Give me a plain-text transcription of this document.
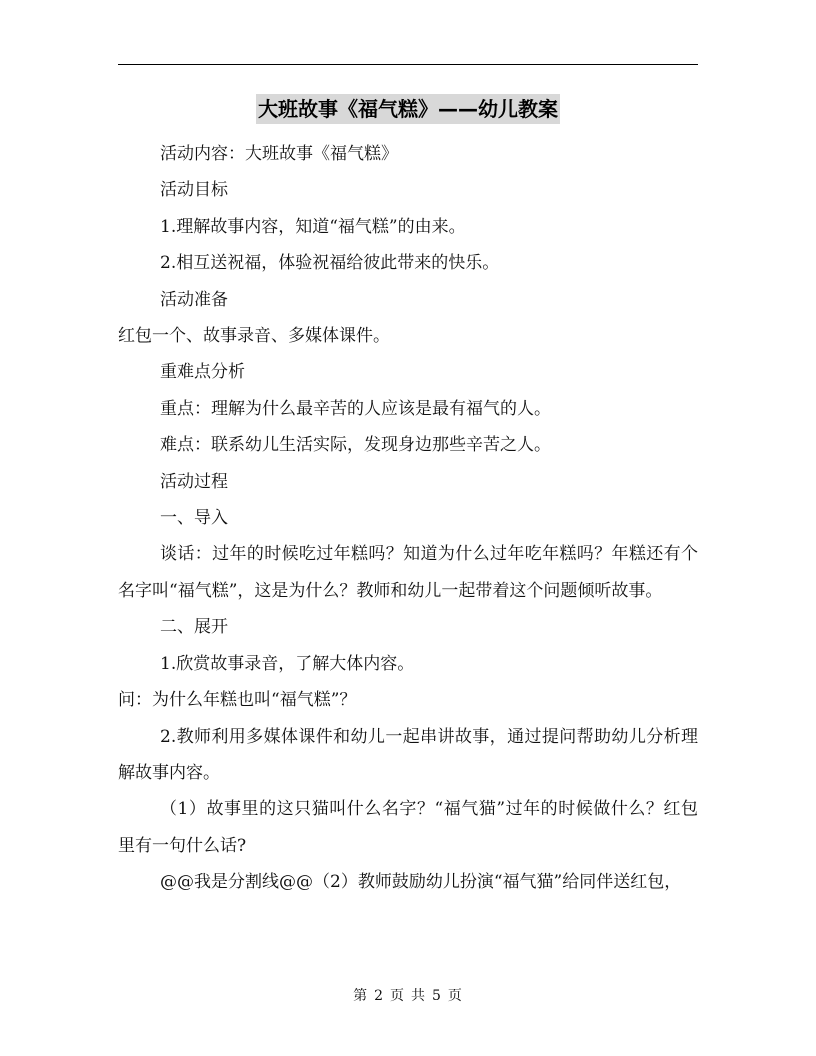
大班故事《福气糕》——幼儿教案

活动内容：大班故事《福气糕》

活动目标

1.理解故事内容，知道“福气糕”的由来。

2.相互送祝福，体验祝福给彼此带来的快乐。

活动准备

红包一个、故事录音、多媒体课件。

重难点分析

重点：理解为什么最辛苦的人应该是最有福气的人。

难点：联系幼儿生活实际，发现身边那些辛苦之人。

活动过程

一、导入

谈话：过年的时候吃过年糕吗？知道为什么过年吃年糕吗？年糕还有个名字叫“福气糕”，这是为什么？教师和幼儿一起带着这个问题倾听故事。

二、展开

1.欣赏故事录音，了解大体内容。

问：为什么年糕也叫“福气糕”？

2.教师利用多媒体课件和幼儿一起串讲故事，通过提问帮助幼儿分析理解故事内容。

（1）故事里的这只猫叫什么名字？“福气猫”过年的时候做什么？红包里有一句什么话?

@@我是分割线@@（2）教师鼓励幼儿扮演“福气猫”给同伴送红包，

第 2 页 共 5 页
